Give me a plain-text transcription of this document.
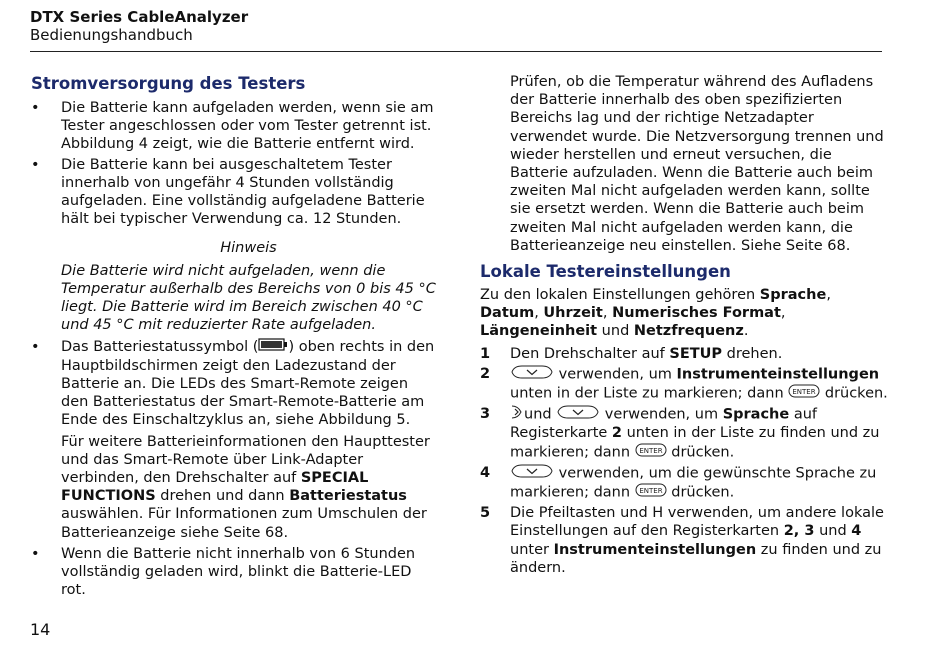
DTX Series CableAnalyzer
Bedienungshandbuch
Stromversorgung des Testers
• Die Batterie kann aufgeladen werden, wenn sie am Tester angeschlossen oder vom Tester getrennt ist. Abbildung 4 zeigt, wie die Batterie entfernt wird.

• Die Batterie kann bei ausgeschaltetem Tester innerhalb von ungefähr 4 Stunden vollständig aufgeladen. Eine vollständig aufgeladene Batterie hält bei typischer Verwendung ca. 12 Stunden.

Hinweis

Die Batterie wird nicht aufgeladen, wenn die Temperatur außerhalb des Bereichs von 0 bis 45 °C liegt. Die Batterie wird im Bereich zwischen 40 °C und 45 °C mit reduzierter Rate aufgeladen.

• Das Batteriestatussymbol ( ) oben rechts in den Hauptbildschirmen zeigt den Ladezustand der Batterie an. Die LEDs des Smart-Remote zeigen den Batteriestatus der Smart-Remote-Batterie am Ende des Einschaltzyklus an, siehe Abbildung 5.

Für weitere Batterieinformationen den Haupttester und das Smart-Remote über Link-Adapter verbinden, den Drehschalter auf SPECIAL FUNCTIONS drehen und dann Batteriestatus auswählen. Für Informationen zum Umschulen der Batterieanzeige siehe Seite 68.

• Wenn die Batterie nicht innerhalb von 6 Stunden vollständig geladen wird, blinkt die Batterie-LED rot.

Prüfen, ob die Temperatur während des Aufladens der Batterie innerhalb des oben spezifizierten Bereichs lag und der richtige Netzadapter verwendet wurde. Die Netzversorgung trennen und wieder herstellen und erneut versuchen, die Batterie aufzuladen. Wenn die Batterie auch beim zweiten Mal nicht aufgeladen werden kann, sollte sie ersetzt werden. Wenn die Batterie auch beim zweiten Mal nicht aufgeladen werden kann, die Batterieanzeige neu einstellen. Siehe Seite 68.

Lokale Testereinstellungen

Zu den lokalen Einstellungen gehören Sprache, Datum, Uhrzeit, Numerisches Format, Längeneinheit und Netzfrequenz.

1 Den Drehschalter auf SETUP drehen.

2	verwenden, um Instrumenteinstellungen unten in der Liste zu markieren; dann ENTER drücken.

3	und	verwenden, um Sprache auf Registerkarte 2 unten in der Liste zu finden und zu markieren; dann ENTER drücken.

4	verwenden, um die gewünschte Sprache zu markieren; dann ENTER drücken.

5 Die Pfeiltasten und H verwenden, um andere lokale Einstellungen auf den Registerkarten 2, 3 und 4 unter Instrumenteinstellungen zu finden und zu ändern.

14
